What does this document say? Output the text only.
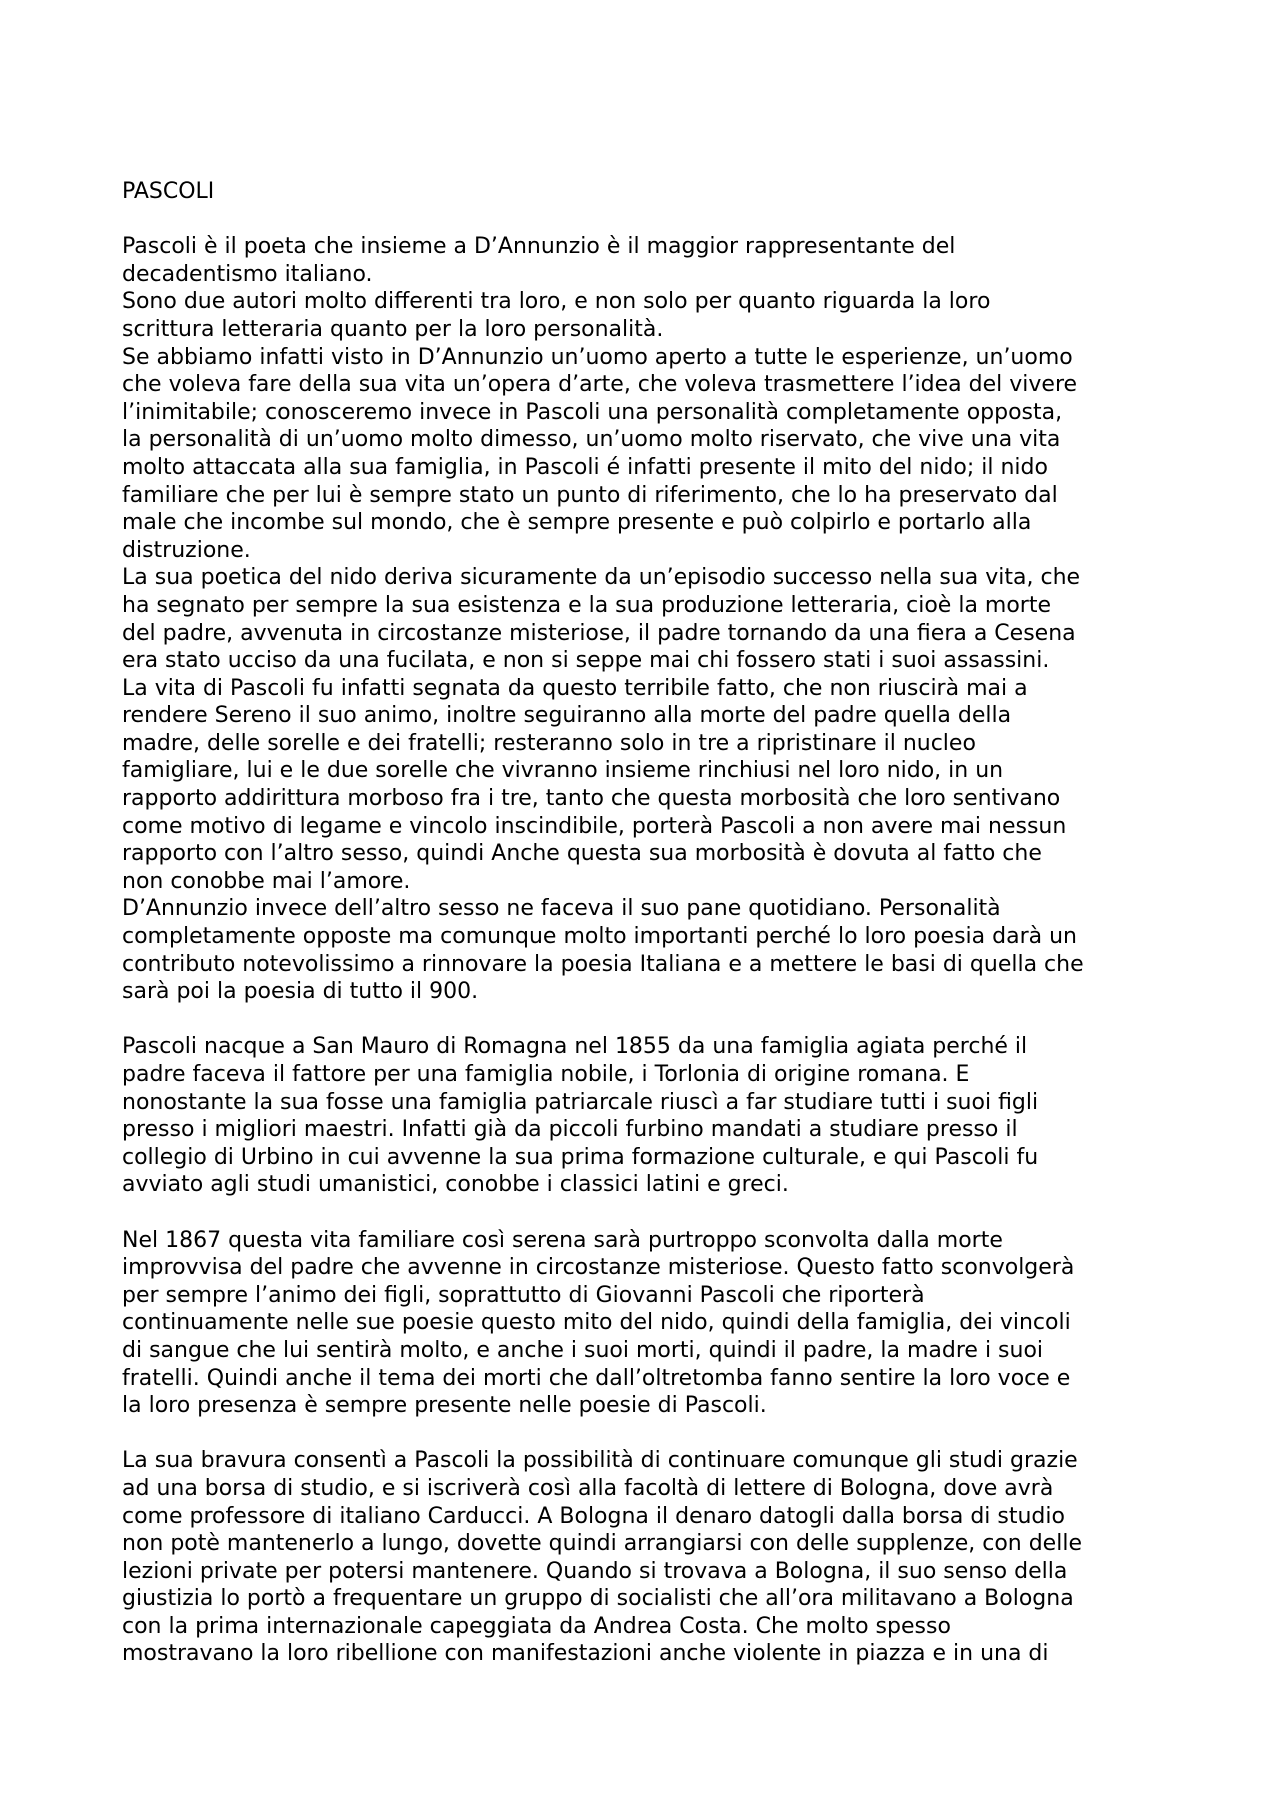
PASCOLI
Pascoli è il poeta che insieme a D’Annunzio è il maggior rappresentante del
decadentismo italiano.
Sono due autori molto differenti tra loro, e non solo per quanto riguarda la loro
scrittura letteraria quanto per la loro personalità.
Se abbiamo infatti visto in D’Annunzio un’uomo aperto a tutte le esperienze, un’uomo
che voleva fare della sua vita un’opera d’arte, che voleva trasmettere l’idea del vivere
l’inimitabile; conosceremo invece in Pascoli una personalità completamente opposta,
la personalità di un’uomo molto dimesso, un’uomo molto riservato, che vive una vita
molto attaccata alla sua famiglia, in Pascoli é infatti presente il mito del nido; il nido
familiare che per lui è sempre stato un punto di riferimento, che lo ha preservato dal
male che incombe sul mondo, che è sempre presente e può colpirlo e portarlo alla
distruzione.
La sua poetica del nido deriva sicuramente da un’episodio successo nella sua vita, che
ha segnato per sempre la sua esistenza e la sua produzione letteraria, cioè la morte
del padre, avvenuta in circostanze misteriose, il padre tornando da una fiera a Cesena
era stato ucciso da una fucilata, e non si seppe mai chi fossero stati i suoi assassini.
La vita di Pascoli fu infatti segnata da questo terribile fatto, che non riuscirà mai a
rendere Sereno il suo animo, inoltre seguiranno alla morte del padre quella della
madre, delle sorelle e dei fratelli; resteranno solo in tre a ripristinare il nucleo
famigliare, lui e le due sorelle che vivranno insieme rinchiusi nel loro nido, in un
rapporto addirittura morboso fra i tre, tanto che questa morbosità che loro sentivano
come motivo di legame e vincolo inscindibile, porterà Pascoli a non avere mai nessun
rapporto con l’altro sesso, quindi Anche questa sua morbosità è dovuta al fatto che
non conobbe mai l’amore.
D’Annunzio invece dell’altro sesso ne faceva il suo pane quotidiano. Personalità
completamente opposte ma comunque molto importanti perché lo loro poesia darà un
contributo notevolissimo a rinnovare la poesia Italiana e a mettere le basi di quella che
sarà poi la poesia di tutto il 900.
Pascoli nacque a San Mauro di Romagna nel 1855 da una famiglia agiata perché il
padre faceva il fattore per una famiglia nobile, i Torlonia di origine romana. E
nonostante la sua fosse una famiglia patriarcale riuscì a far studiare tutti i suoi figli
presso i migliori maestri. Infatti già da piccoli furbino mandati a studiare presso il
collegio di Urbino in cui avvenne la sua prima formazione culturale, e qui Pascoli fu
avviato agli studi umanistici, conobbe i classici latini e greci.
Nel 1867 questa vita familiare così serena sarà purtroppo sconvolta dalla morte
improvvisa del padre che avvenne in circostanze misteriose. Questo fatto sconvolgerà
per sempre l’animo dei figli, soprattutto di Giovanni Pascoli che riporterà
continuamente nelle sue poesie questo mito del nido, quindi della famiglia, dei vincoli
di sangue che lui sentirà molto, e anche i suoi morti, quindi il padre, la madre i suoi
fratelli. Quindi anche il tema dei morti che dall’oltretomba fanno sentire la loro voce e
la loro presenza è sempre presente nelle poesie di Pascoli.
La sua bravura consentì a Pascoli la possibilità di continuare comunque gli studi grazie
ad una borsa di studio, e si iscriverà così alla facoltà di lettere di Bologna, dove avrà
come professore di italiano Carducci. A Bologna il denaro datogli dalla borsa di studio
non potè mantenerlo a lungo, dovette quindi arrangiarsi con delle supplenze, con delle
lezioni private per potersi mantenere. Quando si trovava a Bologna, il suo senso della
giustizia lo portò a frequentare un gruppo di socialisti che all’ora militavano a Bologna
con la prima internazionale capeggiata da Andrea Costa. Che molto spesso
mostravano la loro ribellione con manifestazioni anche violente in piazza e in una di
